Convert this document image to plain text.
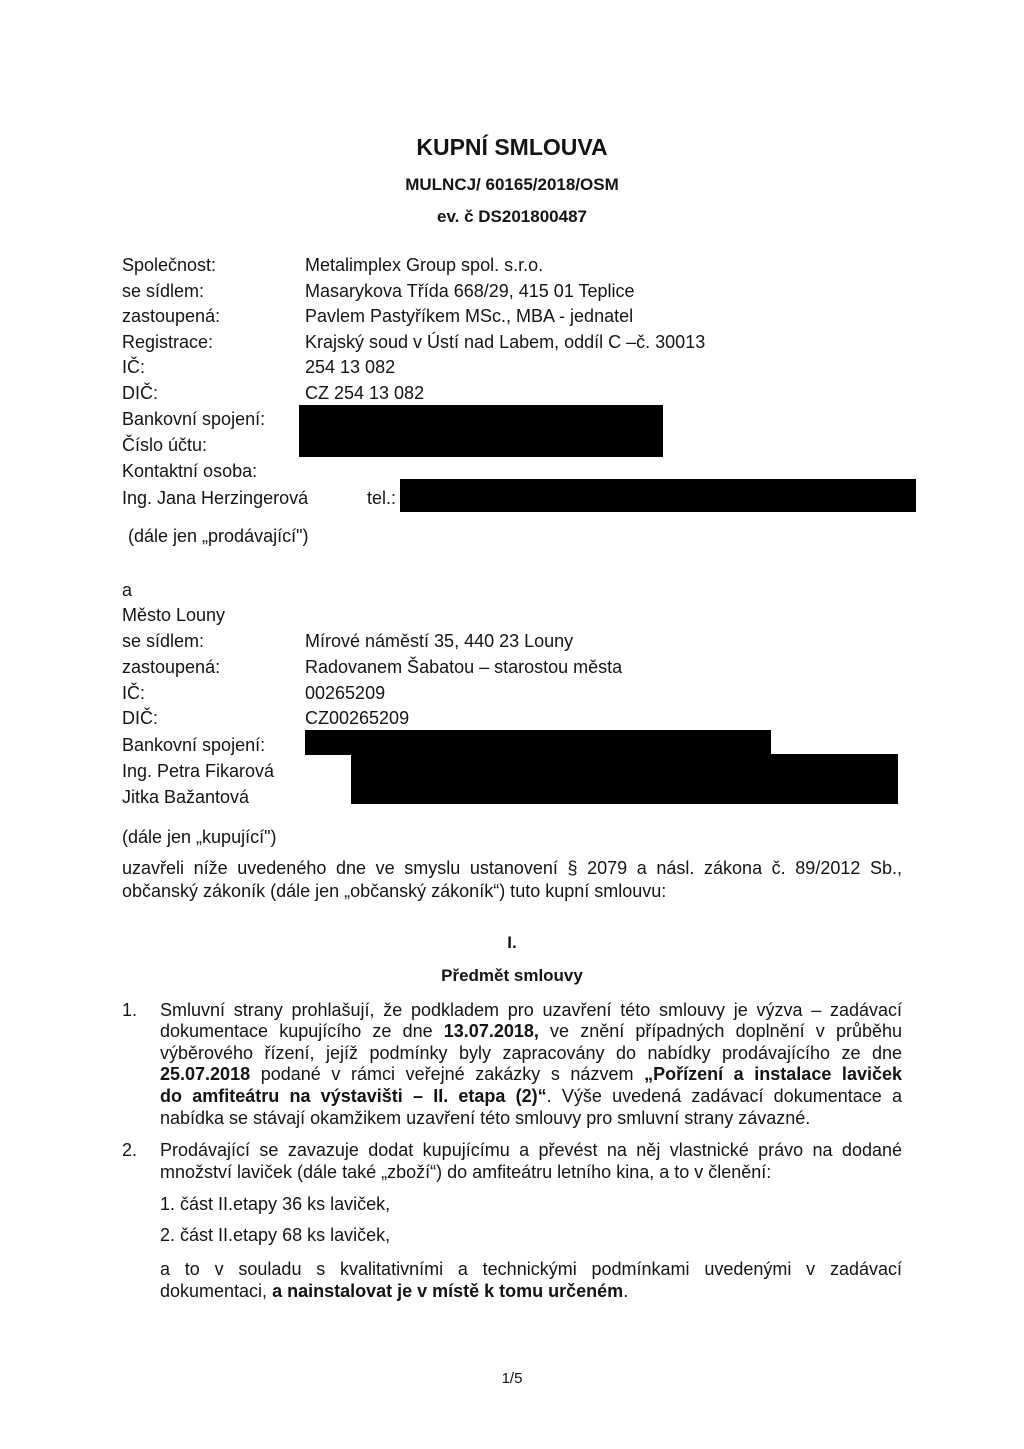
KUPNÍ SMLOUVA
MULNCJ/ 60165/2018/OSM
ev. č DS201800487
Společnost:	Metalimplex Group spol. s.r.o.
se sídlem:	Masarykova Třída 668/29, 415 01 Teplice
zastoupená:	Pavlem Pastyříkem MSc., MBA - jednatel
Registrace:	Krajský soud v Ústí nad Labem, oddíl C –č. 30013
IČ:	254 13 082
DIČ:	CZ 254 13 082
Bankovní spojení:
Číslo účtu:
Kontaktní osoba:
Ing. Jana Herzingerová	tel.:
(dále jen „prodávající")
a
Město Louny
se sídlem:	Mírové náměstí 35, 440 23 Louny
zastoupená:	Radovanem Šabatou – starostou města
IČ:	00265209
DIČ:	CZ00265209
Bankovní spojení:
Ing. Petra Fikarová
Jitka Bažantová
(dále jen „kupující")
uzavřeli níže uvedeného dne ve smyslu ustanovení § 2079 a násl. zákona č. 89/2012 Sb.,
občanský zákoník (dále jen „občanský zákoník“) tuto kupní smlouvu:
I.
Předmět smlouvy
1. Smluvní strany prohlašují, že podkladem pro uzavření této smlouvy je výzva – zadávací
dokumentace kupujícího ze dne 13.07.2018, ve znění případných doplnění v průběhu
výběrového řízení, jejíž podmínky byly zapracovány do nabídky prodávajícího ze dne
25.07.2018 podané v rámci veřejné zakázky s názvem „Pořízení a instalace laviček
do amfiteátru na výstavišti – II. etapa (2)“. Výše uvedená zadávací dokumentace a
nabídka se stávají okamžikem uzavření této smlouvy pro smluvní strany závazné.
2. Prodávající se zavazuje dodat kupujícímu a převést na něj vlastnické právo na dodané
množství laviček (dále také „zboží“) do amfiteátru letního kina, a to v členění:
1. část II.etapy 36 ks laviček,
2. část II.etapy 68 ks laviček,
a to v souladu s kvalitativními a technickými podmínkami uvedenými v zadávací
dokumentaci, a nainstalovat je v místě k tomu určeném.
1/5
